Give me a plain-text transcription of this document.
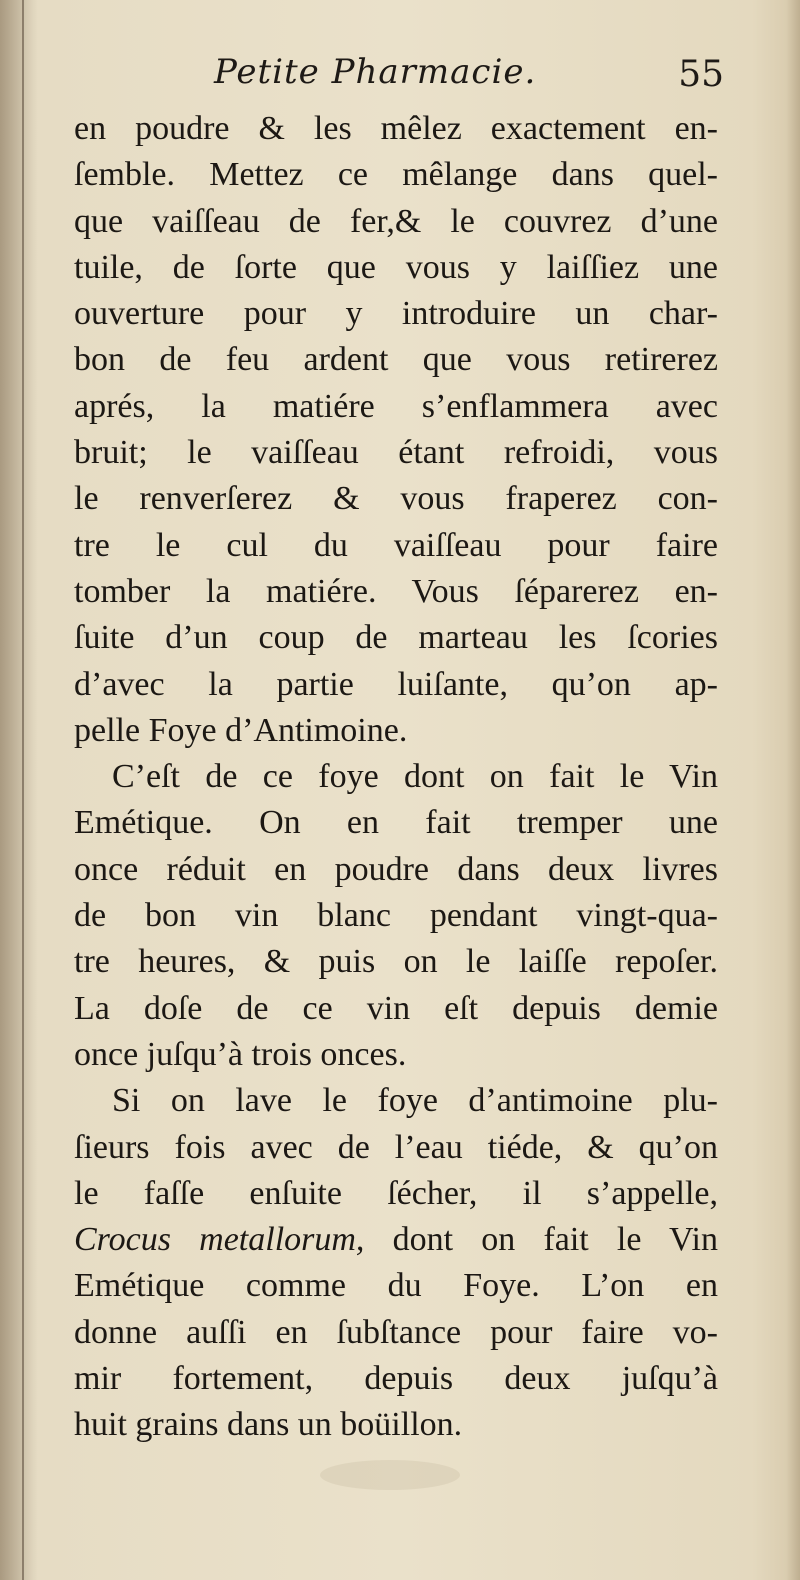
Petite Pharmacie.	55
en poudre & les mêlez exactement en-
ſemble. Mettez ce mêlange dans quel-
que vaiſſeau de fer,& le couvrez d’une
tuile, de ſorte que vous y laiſſiez une
ouverture pour y introduire un char-
bon de feu ardent que vous retirerez
aprés, la matiére s’enflammera avec
bruit; le vaiſſeau étant refroidi, vous
le renverſerez & vous fraperez con-
tre le cul du vaiſſeau pour faire
tomber la matiére. Vous ſéparerez en-
ſuite d’un coup de marteau les ſcories
d’avec la partie luiſante, qu’on ap-
pelle Foye d’Antimoine.
C’eſt de ce foye dont on fait le Vin
Emétique. On en fait tremper une
once réduit en poudre dans deux livres
de bon vin blanc pendant vingt-qua-
tre heures, & puis on le laiſſe repoſer.
La doſe de ce vin eſt depuis demie
once juſqu’à trois onces.
Si on lave le foye d’antimoine plu-
ſieurs fois avec de l’eau tiéde, & qu’on
le faſſe enſuite ſécher, il s’appelle,
Crocus metallorum, dont on fait le Vin
Emétique comme du Foye. L’on en
donne auſſi en ſubſtance pour faire vo-
mir fortement, depuis deux juſqu’à
huit grains dans un boüillon.
